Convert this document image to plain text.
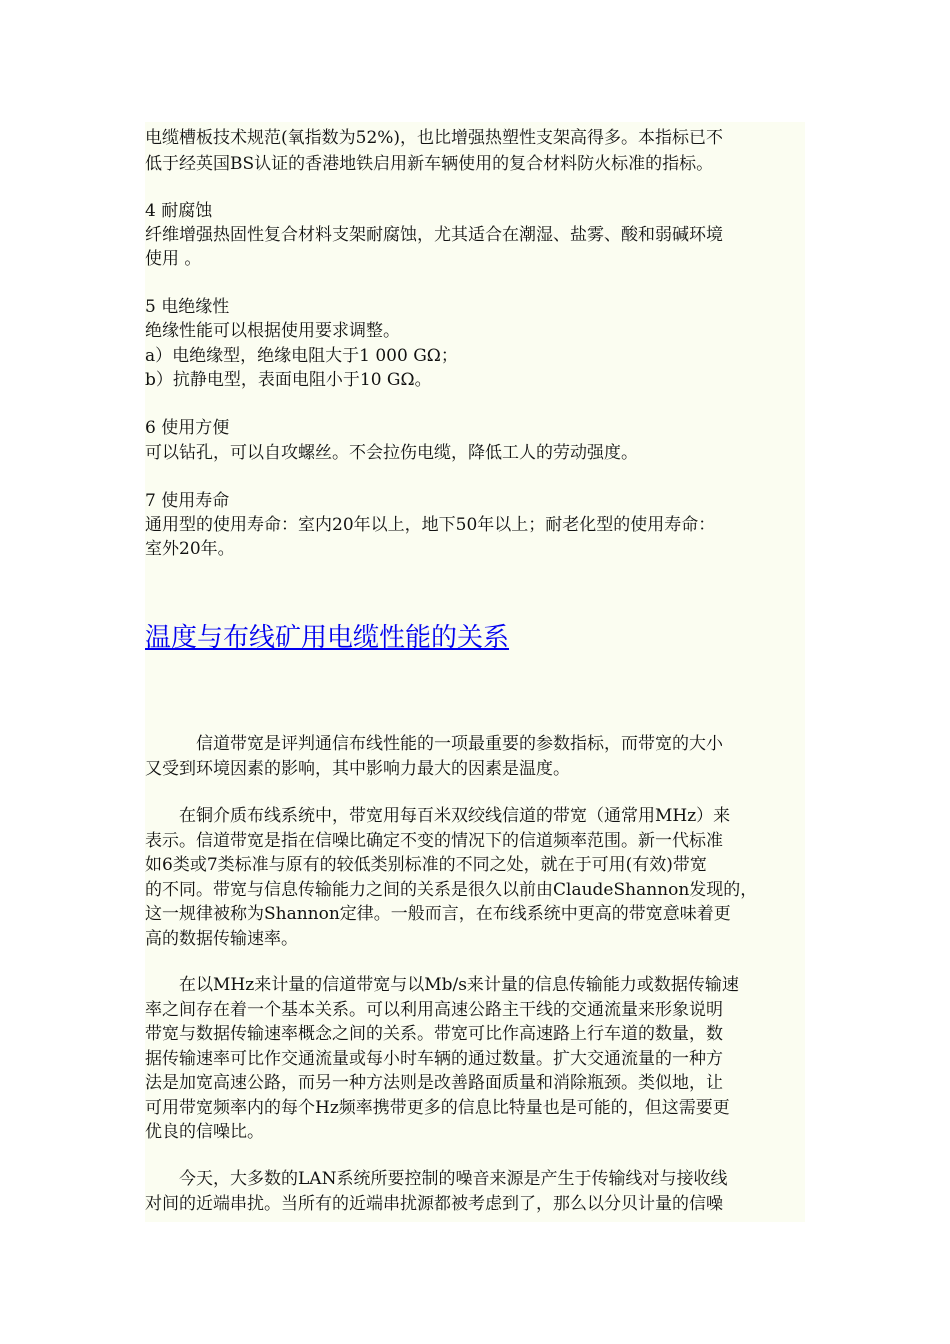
电缆槽板技术规范(氧指数为52%)，也比增强热塑性支架高得多。本指标已不
低于经英国BS认证的香港地铁启用新车辆使用的复合材料防火标准的指标。
4 耐腐蚀
纤维增强热固性复合材料支架耐腐蚀，尤其适合在潮湿、盐雾、酸和弱碱环境
使用 。
5 电绝缘性
绝缘性能可以根据使用要求调整。
a）电绝缘型，绝缘电阻大于1 000 GΩ；
b）抗静电型，表面电阻小于10 GΩ。
6 使用方便
可以钻孔，可以自攻螺丝。不会拉伤电缆，降低工人的劳动强度。
7 使用寿命
通用型的使用寿命：室内20年以上，地下50年以上；耐老化型的使用寿命：
室外20年。
温度与布线矿用电缆性能的关系
　　　信道带宽是评判通信布线性能的一项最重要的参数指标，而带宽的大小
又受到环境因素的影响，其中影响力最大的因素是温度。
　　在铜介质布线系统中，带宽用每百米双绞线信道的带宽（通常用MHz）来
表示。信道带宽是指在信噪比确定不变的情况下的信道频率范围。新一代标准
如6类或7类标准与原有的较低类别标准的不同之处，就在于可用(有效)带宽
的不同。带宽与信息传输能力之间的关系是很久以前由ClaudeShannon发现的，
这一规律被称为Shannon定律。一般而言，在布线系统中更高的带宽意味着更
高的数据传输速率。
　　在以MHz来计量的信道带宽与以Mb/s来计量的信息传输能力或数据传输速
率之间存在着一个基本关系。可以利用高速公路主干线的交通流量来形象说明
带宽与数据传输速率概念之间的关系。带宽可比作高速路上行车道的数量，数
据传输速率可比作交通流量或每小时车辆的通过数量。扩大交通流量的一种方
法是加宽高速公路，而另一种方法则是改善路面质量和消除瓶颈。类似地，让
可用带宽频率内的每个Hz频率携带更多的信息比特量也是可能的，但这需要更
优良的信噪比。
　　今天，大多数的LAN系统所要控制的噪音来源是产生于传输线对与接收线
对间的近端串扰。当所有的近端串扰源都被考虑到了，那么以分贝计量的信噪
